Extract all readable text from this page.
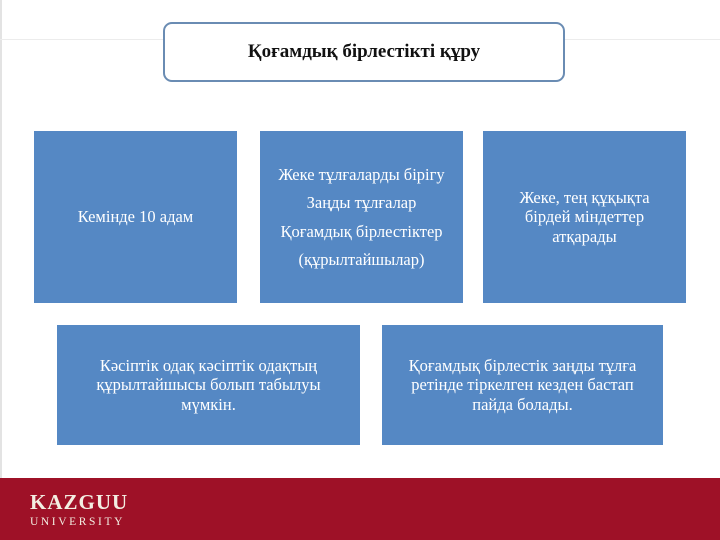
Қоғамдық бірлестікті құру
Кемінде 10 адам
Жеке тұлғаларды бірігу
Заңды тұлғалар
Қоғамдық бірлестіктер
(құрылтайшылар)
Жеке, тең құқықта бірдей міндеттер атқарады
Кәсіптік одақ кәсіптік одақтың құрылтайшысы болып табылуы мүмкін.
Қоғамдық бірлестік заңды тұлға ретінде тіркелген кезден бастап пайда болады.
KAZGUU
UNIVERSITY
